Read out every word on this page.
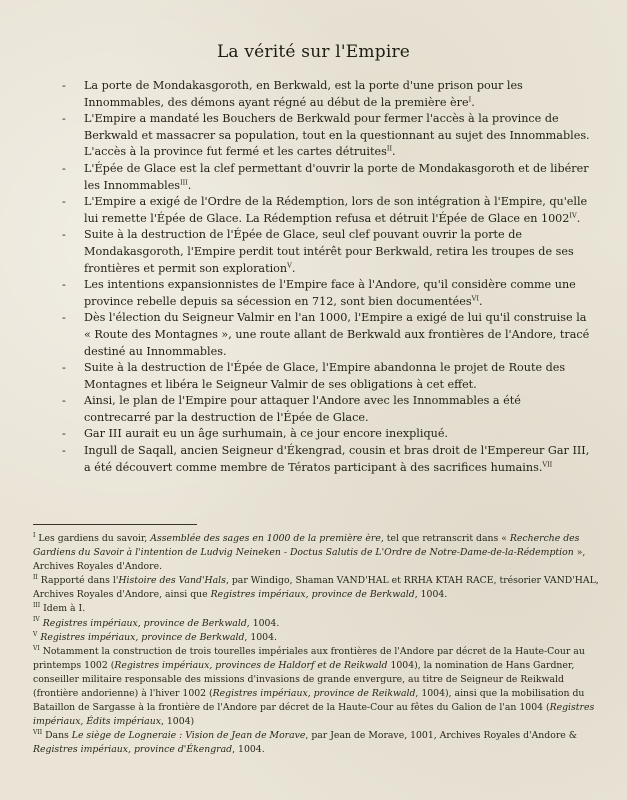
La vérité sur l'Empire
- La porte de Mondakasgoroth, en Berkwald, est la porte d'une prison pour les Innommables, des démons ayant régné au début de la première ère$^I$.
- L'Empire a mandaté les Bouchers de Berkwald pour fermer l'accès à la province de Berkwald et massacrer sa population, tout en la questionnant au sujet des Innommables. L'accès à la province fut fermé et les cartes détruites$^{II}$.
- L'Épée de Glace est la clef permettant d'ouvrir la porte de Mondakasgoroth et de libérer les Innommables$^{III}$.
- L'Empire a exigé de l'Ordre de la Rédemption, lors de son intégration à l'Empire, qu'elle lui remette l'Épée de Glace. La Rédemption refusa et détruit l'Épée de Glace en $1002^{IV}$.
- Suite à la destruction de l'Épée de Glace, seul clef pouvant ouvrir la porte de Mondakasgoroth, l'Empire perdit tout intérêt pour Berkwald, retira les troupes de ses frontières et permit son exploration$^V$.
- Les intentions expansionnistes de l'Empire face à l'Andore, qu'il considère comme une province rebelle depuis sa sécession en 712, sont bien documentées$^{VI}$.
- Dès l'élection du Seigneur Valmir en l'an 1000, l'Empire a exigé de lui qu'il construise la « Route des Montagnes », une route allant de Berkwald aux frontières de l'Andore, tracé destiné au Innommables.
- Suite à la destruction de l'Épée de Glace, l'Empire abandonna le projet de Route des Montagnes et libéra le Seigneur Valmir de ses obligations à cet effet.
- Ainsi, le plan de l'Empire pour attaquer l'Andore avec les Innommables a été contrecarré par la destruction de l'Épée de Glace.
- Gar III aurait eu un âge surhumain, à ce jour encore inexpliqué.
- Ingull de Saqall, ancien Seigneur d'Ékengrad, cousin et bras droit de l'Empereur Gar III, a été découvert comme membre de Tératos participant à des sacrifices humains.$^{VII}$

$^I$ Les gardiens du savoir, Assemblée des sages en 1000 de la première ère, tel que retranscrit dans « Recherche des Gardiens du Savoir à l'intention de Ludvig Neineken - Doctus Salutis de L'Ordre de Notre-Dame-de-la-Rédemption », Archives Royales d'Andore.

$^{II}$ Rapporté dans l'Histoire des Vand'Hals, par Windigo, Shaman VAND'HAL et RRHA KTAH RACE, trésorier VAND'HAL, Archives Royales d'Andore, ainsi que Registres impériaux, province de Berkwald, 1004.

$^{III}$ Idem à I.

$^{IV}$ Registres impériaux, province de Berkwald, 1004.

$^V$ Registres impériaux, province de Berkwald, 1004.

$^{VI}$ Notamment la construction de trois tourelles impériales aux frontières de l'Andore par décret de la Haute-Cour au printemps 1002 (Registres impériaux, provinces de Haldorf et de Reikwald 1004), la nomination de Hans Gardner, conseiller militaire responsable des missions d'invasions de grande envergure, au titre de Seigneur de Reikwald (frontière andorienne) à l'hiver 1002 (Registres impériaux, province de Reikwald, 1004), ainsi que la mobilisation du Bataillon de Sargasse à la frontière de l'Andore par décret de la Haute-Cour au fêtes du Galion de l'an 1004 (Registres impériaux, Édits impériaux, 1004)

$^{VII}$ Dans Le siège de Logneraie : Vision de Jean de Morave, par Jean de Morave, 1001, Archives Royales d'Andore & Registres impériaux, province d'Ékengrad, 1004.
